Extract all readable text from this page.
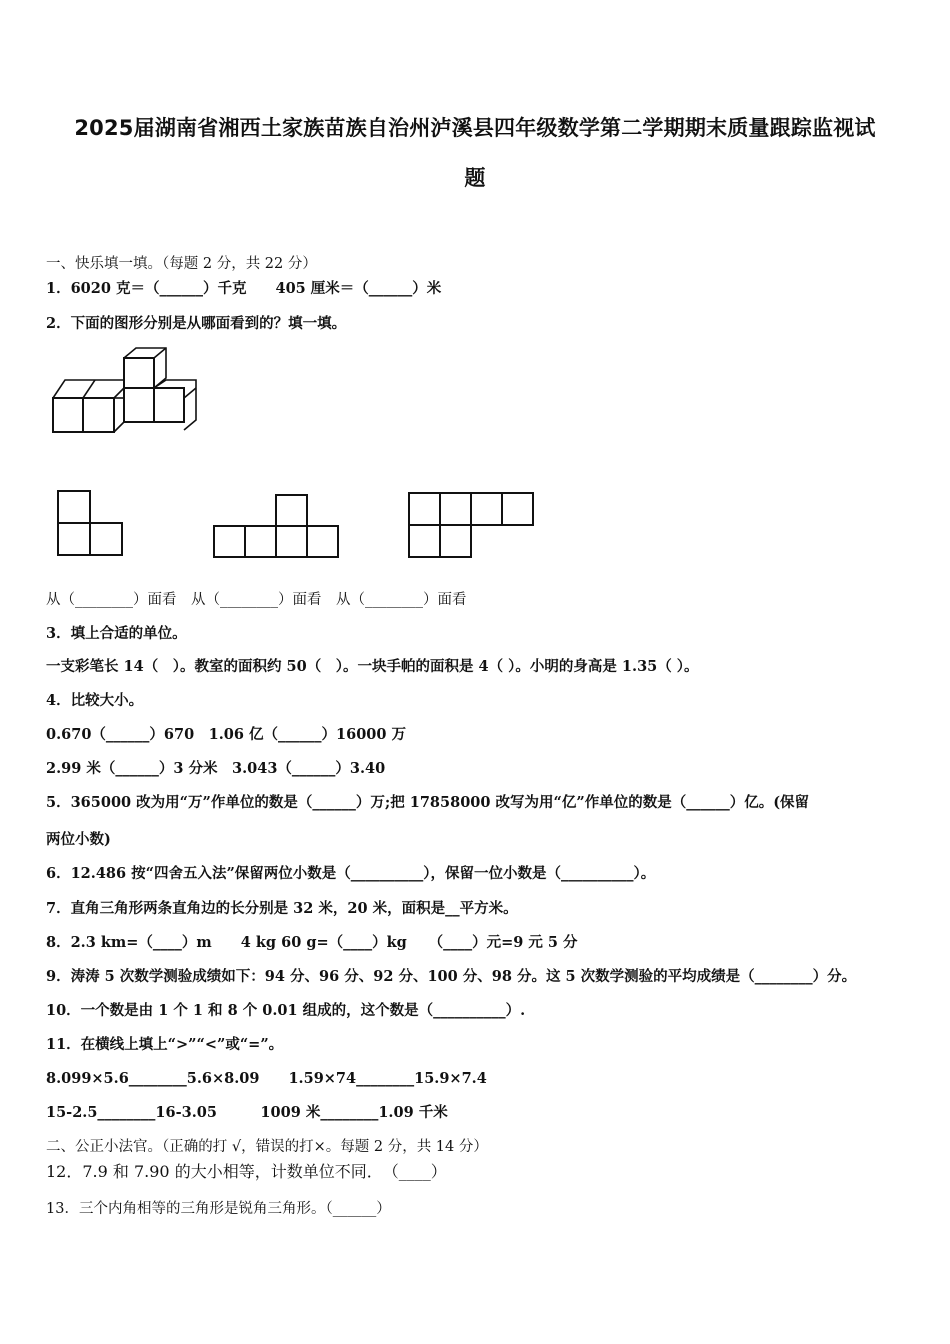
2025届湖南省湘西土家族苗族自治州泸溪县四年级数学第二学期期末质量跟踪监视试
题
一、快乐填一填。（每题 2 分，共 22 分）
1．6020 克＝（______）千克　　405 厘米＝（______）米
2．下面的图形分别是从哪面看到的？填一填。
从（________）面看　从（________）面看　从（________）面看
3．填上合适的单位。
一支彩笔长 14（　）。教室的面积约 50（　）。一块手帕的面积是 4（ ）。小明的身高是 1.35（ ）。
4．比较大小。
0.670（______）670　1.06 亿（______）16000 万
2.99 米（______）3 分米　3.043（______）3.40
5．365000 改为用“万”作单位的数是（______）万;把 17858000 改写为用“亿”作单位的数是（______）亿。(保留
两位小数)
6．12.486 按“四舍五入法”保留两位小数是（__________），保留一位小数是（__________）。
7．直角三角形两条直角边的长分别是 32 米，20 米，面积是__平方米。
8．2.3 km=（____）m　　4 kg 60 g=（____）kg　　（____）元=9 元 5 分
9．涛涛 5 次数学测验成绩如下：94 分、96 分、92 分、100 分、98 分。这 5 次数学测验的平均成绩是（________）分。
10．一个数是由 1 个 1 和 8 个 0.01 组成的，这个数是（__________）.
11．在横线上填上“>”“<”或“=”。
8.099×5.6________5.6×8.09　　1.59×74________15.9×7.4
15-2.5________16-3.05　　　1009 米________1.09 千米
二、公正小法官。（正确的打 √，错误的打×。每题 2 分，共 14 分）
12．7.9 和 7.90 的大小相等，计数单位不同．　（____）
13．三个内角相等的三角形是锐角三角形。（______）
